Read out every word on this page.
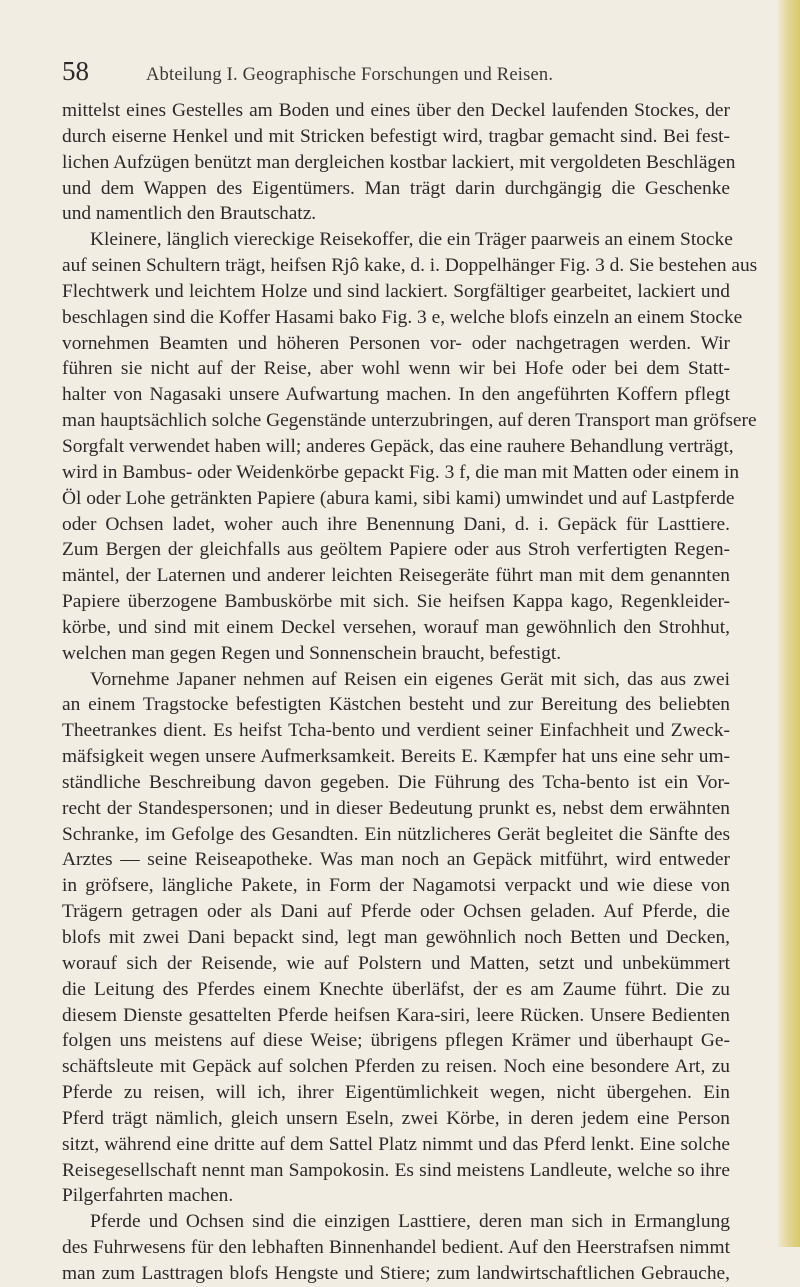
58	Abteilung I. Geographische Forschungen und Reisen.
mittelst eines Gestelles am Boden und eines über den Deckel laufenden Stockes, der
durch eiserne Henkel und mit Stricken befestigt wird, tragbar gemacht sind. Bei fest-
lichen Aufzügen benützt man dergleichen kostbar lackiert, mit vergoldeten Beschlägen
und dem Wappen des Eigentümers. Man trägt darin durchgängig die Geschenke
und namentlich den Brautschatz.
Kleinere, länglich viereckige Reisekoffer, die ein Träger paarweis an einem Stocke
auf seinen Schultern trägt, heifsen Rjô kake, d. i. Doppelhänger Fig. 3 d. Sie bestehen aus
Flechtwerk und leichtem Holze und sind lackiert. Sorgfältiger gearbeitet, lackiert und
beschlagen sind die Koffer Hasami bako Fig. 3 e, welche blofs einzeln an einem Stocke
vornehmen Beamten und höheren Personen vor- oder nachgetragen werden. Wir
führen sie nicht auf der Reise, aber wohl wenn wir bei Hofe oder bei dem Statt-
halter von Nagasaki unsere Aufwartung machen. In den angeführten Koffern pflegt
man hauptsächlich solche Gegenstände unterzubringen, auf deren Transport man gröfsere
Sorgfalt verwendet haben will; anderes Gepäck, das eine rauhere Behandlung verträgt,
wird in Bambus- oder Weidenkörbe gepackt Fig. 3 f, die man mit Matten oder einem in
Öl oder Lohe getränkten Papiere (abura kami, sibi kami) umwindet und auf Lastpferde
oder Ochsen ladet, woher auch ihre Benennung Dani, d. i. Gepäck für Lasttiere.
Zum Bergen der gleichfalls aus geöltem Papiere oder aus Stroh verfertigten Regen-
mäntel, der Laternen und anderer leichten Reisegeräte führt man mit dem genannten
Papiere überzogene Bambuskörbe mit sich. Sie heifsen Kappa kago, Regenkleider-
körbe, und sind mit einem Deckel versehen, worauf man gewöhnlich den Strohhut,
welchen man gegen Regen und Sonnenschein braucht, befestigt.
Vornehme Japaner nehmen auf Reisen ein eigenes Gerät mit sich, das aus zwei
an einem Tragstocke befestigten Kästchen besteht und zur Bereitung des beliebten
Theetrankes dient. Es heifst Tcha-bento und verdient seiner Einfachheit und Zweck-
mäfsigkeit wegen unsere Aufmerksamkeit. Bereits E. Kæmpfer hat uns eine sehr um-
ständliche Beschreibung davon gegeben. Die Führung des Tcha-bento ist ein Vor-
recht der Standespersonen; und in dieser Bedeutung prunkt es, nebst dem erwähnten
Schranke, im Gefolge des Gesandten. Ein nützlicheres Gerät begleitet die Sänfte des
Arztes — seine Reiseapotheke. Was man noch an Gepäck mitführt, wird entweder
in gröfsere, längliche Pakete, in Form der Nagamotsi verpackt und wie diese von
Trägern getragen oder als Dani auf Pferde oder Ochsen geladen. Auf Pferde, die
blofs mit zwei Dani bepackt sind, legt man gewöhnlich noch Betten und Decken,
worauf sich der Reisende, wie auf Polstern und Matten, setzt und unbekümmert
die Leitung des Pferdes einem Knechte überläfst, der es am Zaume führt. Die zu
diesem Dienste gesattelten Pferde heifsen Kara-siri, leere Rücken. Unsere Bedienten
folgen uns meistens auf diese Weise; übrigens pflegen Krämer und überhaupt Ge-
schäftsleute mit Gepäck auf solchen Pferden zu reisen. Noch eine besondere Art, zu
Pferde zu reisen, will ich, ihrer Eigentümlichkeit wegen, nicht übergehen. Ein
Pferd trägt nämlich, gleich unsern Eseln, zwei Körbe, in deren jedem eine Person
sitzt, während eine dritte auf dem Sattel Platz nimmt und das Pferd lenkt. Eine solche
Reisegesellschaft nennt man Sampokosin. Es sind meistens Landleute, welche so ihre
Pilgerfahrten machen.
Pferde und Ochsen sind die einzigen Lasttiere, deren man sich in Ermanglung
des Fuhrwesens für den lebhaften Binnenhandel bedient. Auf den Heerstrafsen nimmt
man zum Lasttragen blofs Hengste und Stiere; zum landwirtschaftlichen Gebrauche,
